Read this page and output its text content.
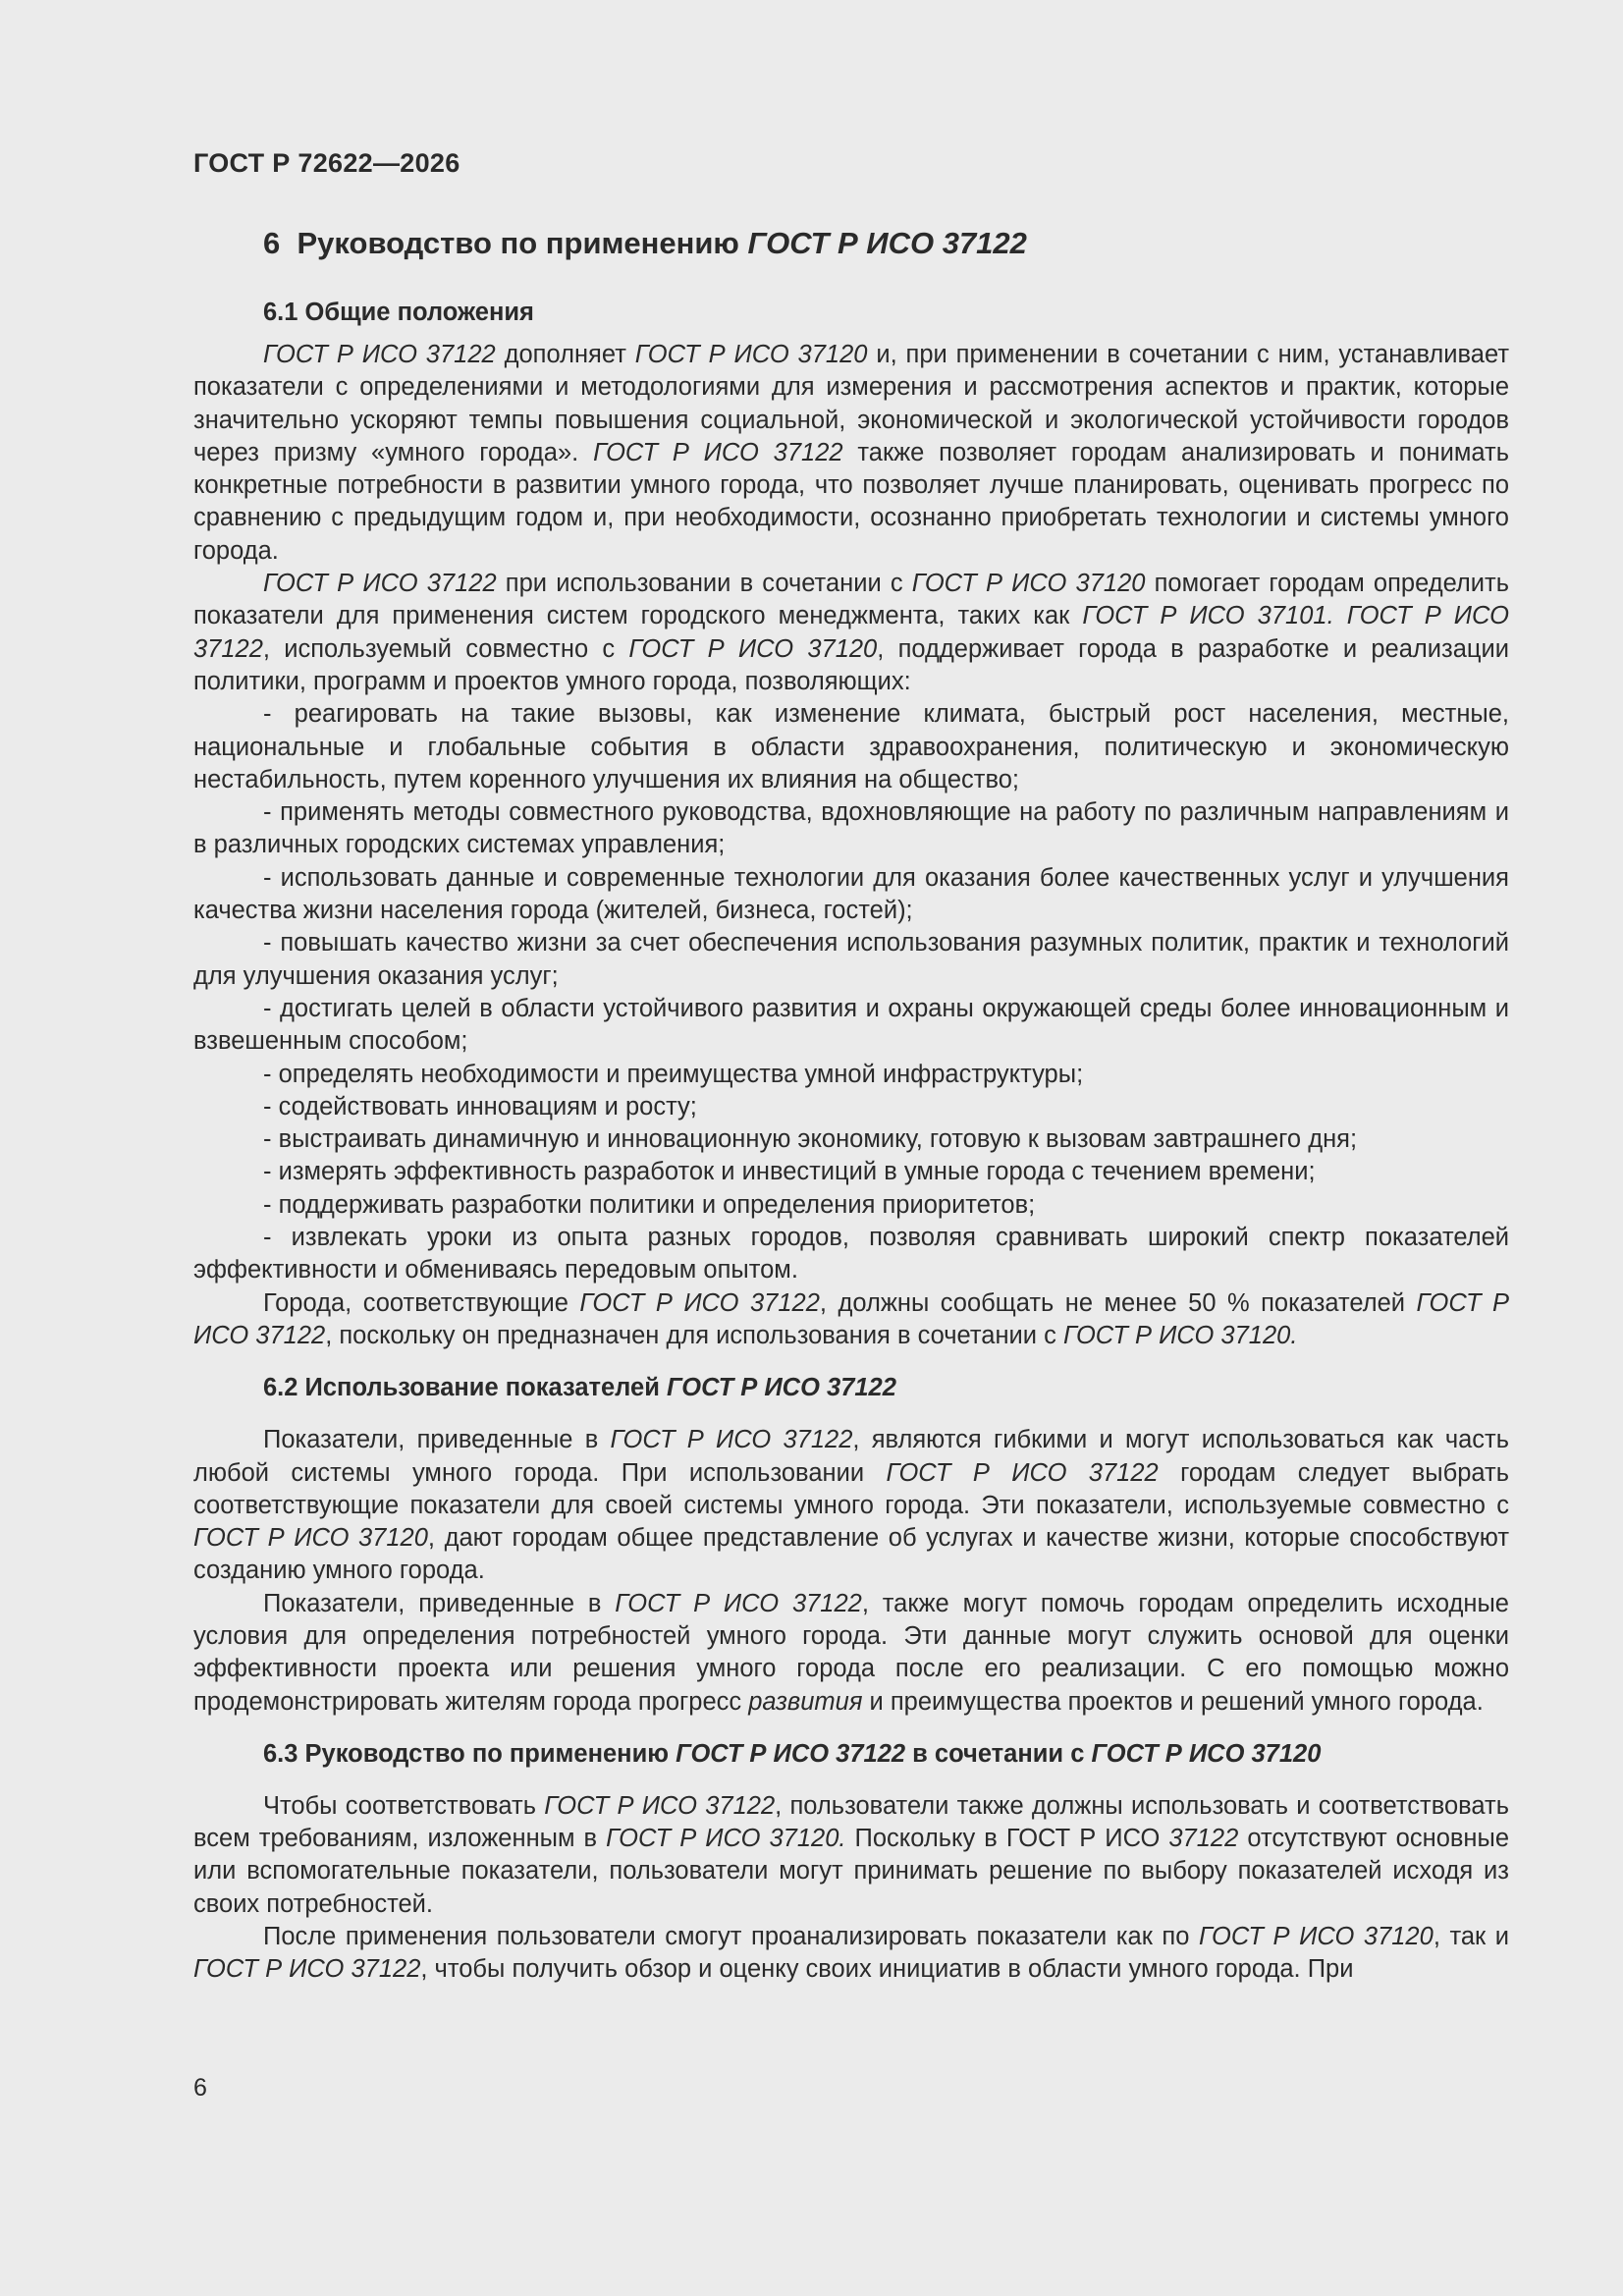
ГОСТ Р 72622—2026

6 Руководство по применению ГОСТ Р ИСО 37122

6.1 Общие положения

ГОСТ Р ИСО 37122 дополняет ГОСТ Р ИСО 37120 и, при применении в сочетании с ним, устанавливает показатели с определениями и методологиями для измерения и рассмотрения аспектов и практик, которые значительно ускоряют темпы повышения социальной, экономической и экологической устойчивости городов через призму «умного города». ГОСТ Р ИСО 37122 также позволяет городам анализировать и понимать конкретные потребности в развитии умного города, что позволяет лучше планировать, оценивать прогресс по сравнению с предыдущим годом и, при необходимости, осознанно приобретать технологии и системы умного города.

ГОСТ Р ИСО 37122 при использовании в сочетании с ГОСТ Р ИСО 37120 помогает городам определить показатели для применения систем городского менеджмента, таких как ГОСТ Р ИСО 37101. ГОСТ Р ИСО 37122, используемый совместно с ГОСТ Р ИСО 37120, поддерживает города в разработке и реализации политики, программ и проектов умного города, позволяющих:

- реагировать на такие вызовы, как изменение климата, быстрый рост населения, местные, национальные и глобальные события в области здравоохранения, политическую и экономическую нестабильность, путем коренного улучшения их влияния на общество;

- применять методы совместного руководства, вдохновляющие на работу по различным направлениям и в различных городских системах управления;

- использовать данные и современные технологии для оказания более качественных услуг и улучшения качества жизни населения города (жителей, бизнеса, гостей);

- повышать качество жизни за счет обеспечения использования разумных политик, практик и технологий для улучшения оказания услуг;

- достигать целей в области устойчивого развития и охраны окружающей среды более инновационным и взвешенным способом;

- определять необходимости и преимущества умной инфраструктуры;

- содействовать инновациям и росту;

- выстраивать динамичную и инновационную экономику, готовую к вызовам завтрашнего дня;

- измерять эффективность разработок и инвестиций в умные города с течением времени;

- поддерживать разработки политики и определения приоритетов;

- извлекать уроки из опыта разных городов, позволяя сравнивать широкий спектр показателей эффективности и обмениваясь передовым опытом.

Города, соответствующие ГОСТ Р ИСО 37122, должны сообщать не менее 50 % показателей ГОСТ Р ИСО 37122, поскольку он предназначен для использования в сочетании с ГОСТ Р ИСО 37120.

6.2 Использование показателей ГОСТ Р ИСО 37122

Показатели, приведенные в ГОСТ Р ИСО 37122, являются гибкими и могут использоваться как часть любой системы умного города. При использовании ГОСТ Р ИСО 37122 городам следует выбрать соответствующие показатели для своей системы умного города. Эти показатели, используемые совместно с ГОСТ Р ИСО 37120, дают городам общее представление об услугах и качестве жизни, которые способствуют созданию умного города.

Показатели, приведенные в ГОСТ Р ИСО 37122, также могут помочь городам определить исходные условия для определения потребностей умного города. Эти данные могут служить основой для оценки эффективности проекта или решения умного города после его реализации. С его помощью можно продемонстрировать жителям города прогресс развития и преимущества проектов и решений умного города.

6.3 Руководство по применению ГОСТ Р ИСО 37122 в сочетании с ГОСТ Р ИСО 37120

Чтобы соответствовать ГОСТ Р ИСО 37122, пользователи также должны использовать и соответствовать всем требованиям, изложенным в ГОСТ Р ИСО 37120. Поскольку в ГОСТ Р ИСО 37122 отсутствуют основные или вспомогательные показатели, пользователи могут принимать решение по выбору показателей исходя из своих потребностей.

После применения пользователи смогут проанализировать показатели как по ГОСТ Р ИСО 37120, так и ГОСТ Р ИСО 37122, чтобы получить обзор и оценку своих инициатив в области умного города. При

6
